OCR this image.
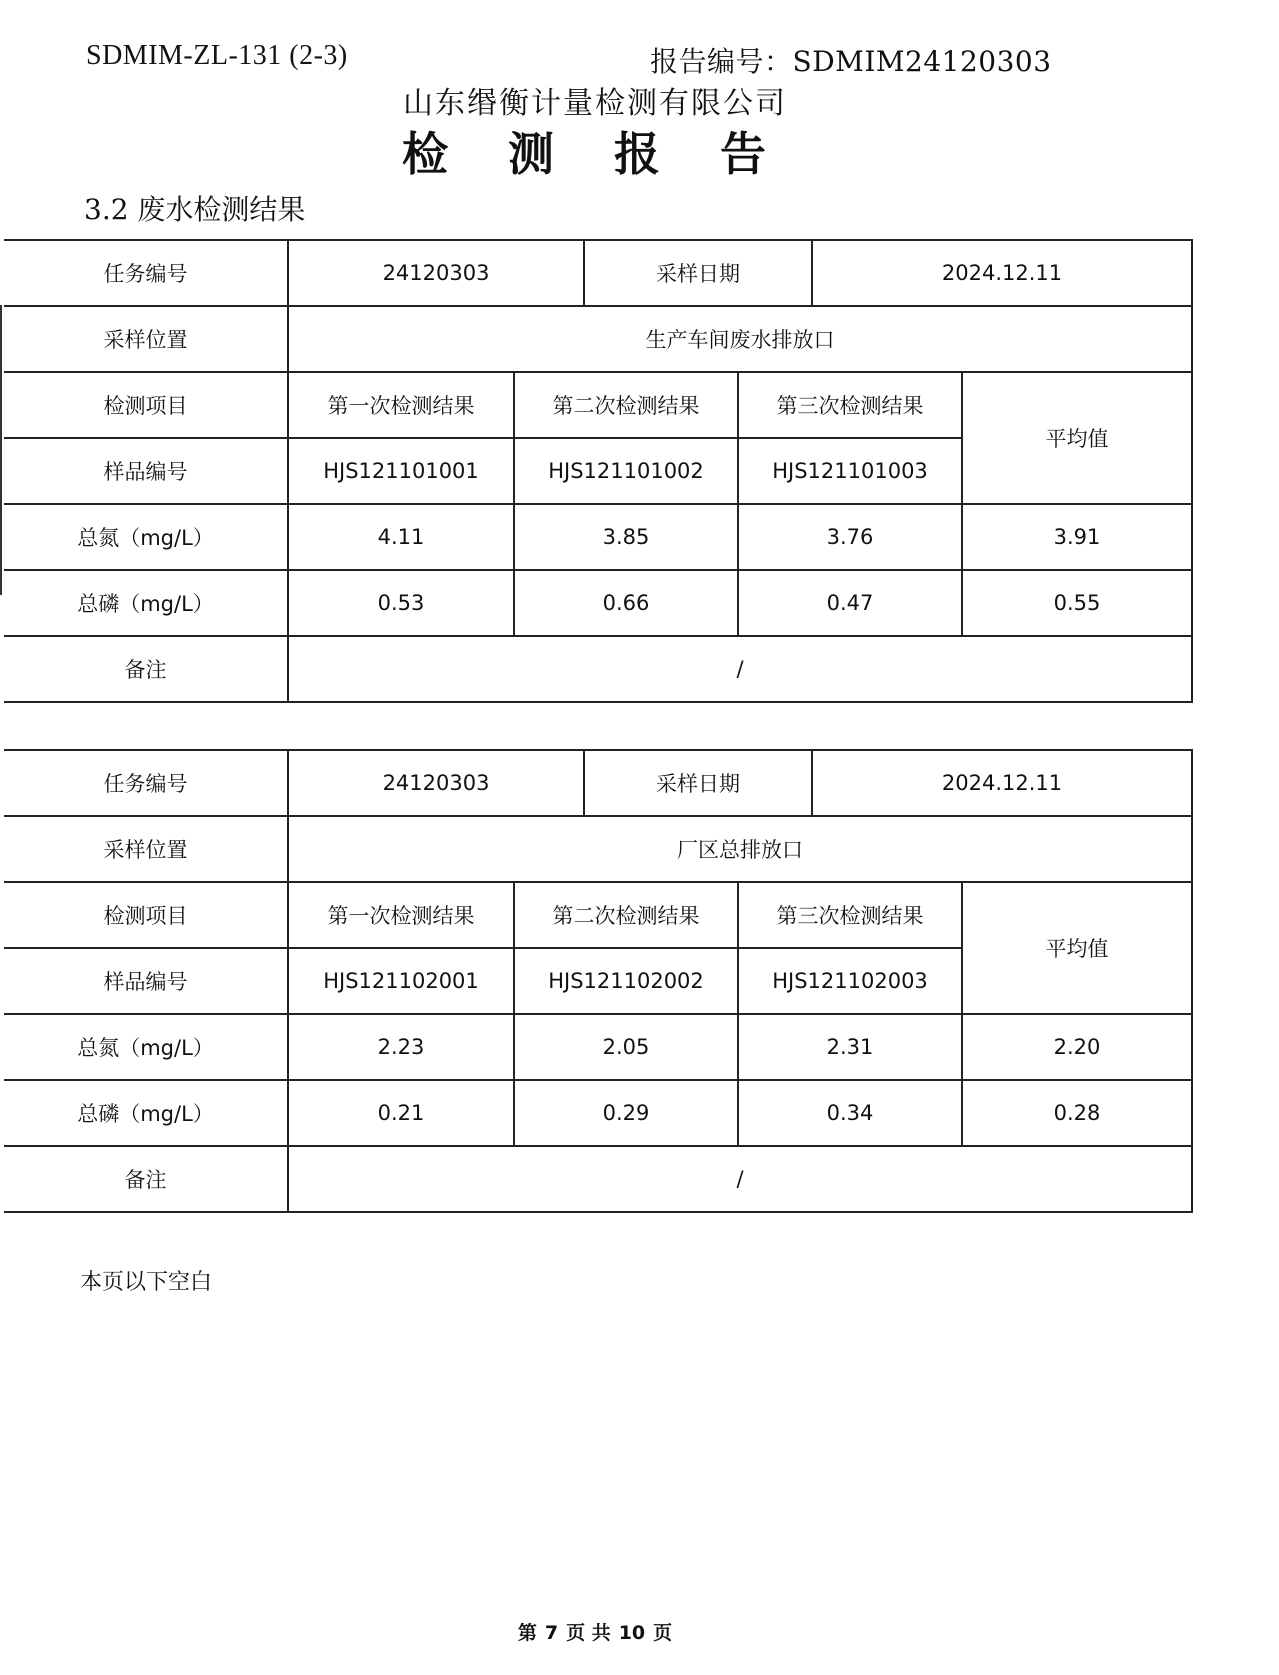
SDMIM-ZL-131 (2-3)	报告编号：SDMIM24120303
山东缗衡计量检测有限公司
检 测 报 告
3.2 废水检测结果
任务编号	24120303		采样日期		2024.12.11	
采样位置	生产车间废水排放口					
检测项目	第一次检测结果	第二次检测结果		第三次检测结果		平均值
样品编号	HJS121101001	HJS121101002		HJS121101003		
总氮（mg/L）	4.11	3.85		3.76		3.91
总磷（mg/L）	0.53	0.66		0.47		0.55
备注	/					
任务编号	24120303		采样日期		2024.12.11	
采样位置	厂区总排放口					
检测项目	第一次检测结果	第二次检测结果		第三次检测结果		平均值
样品编号	HJS121102001	HJS121102002		HJS121102003		
总氮（mg/L）	2.23	2.05		2.31		2.20
总磷（mg/L）	0.21	0.29		0.34		0.28
备注	/					
本页以下空白
第 7 页 共 10 页
